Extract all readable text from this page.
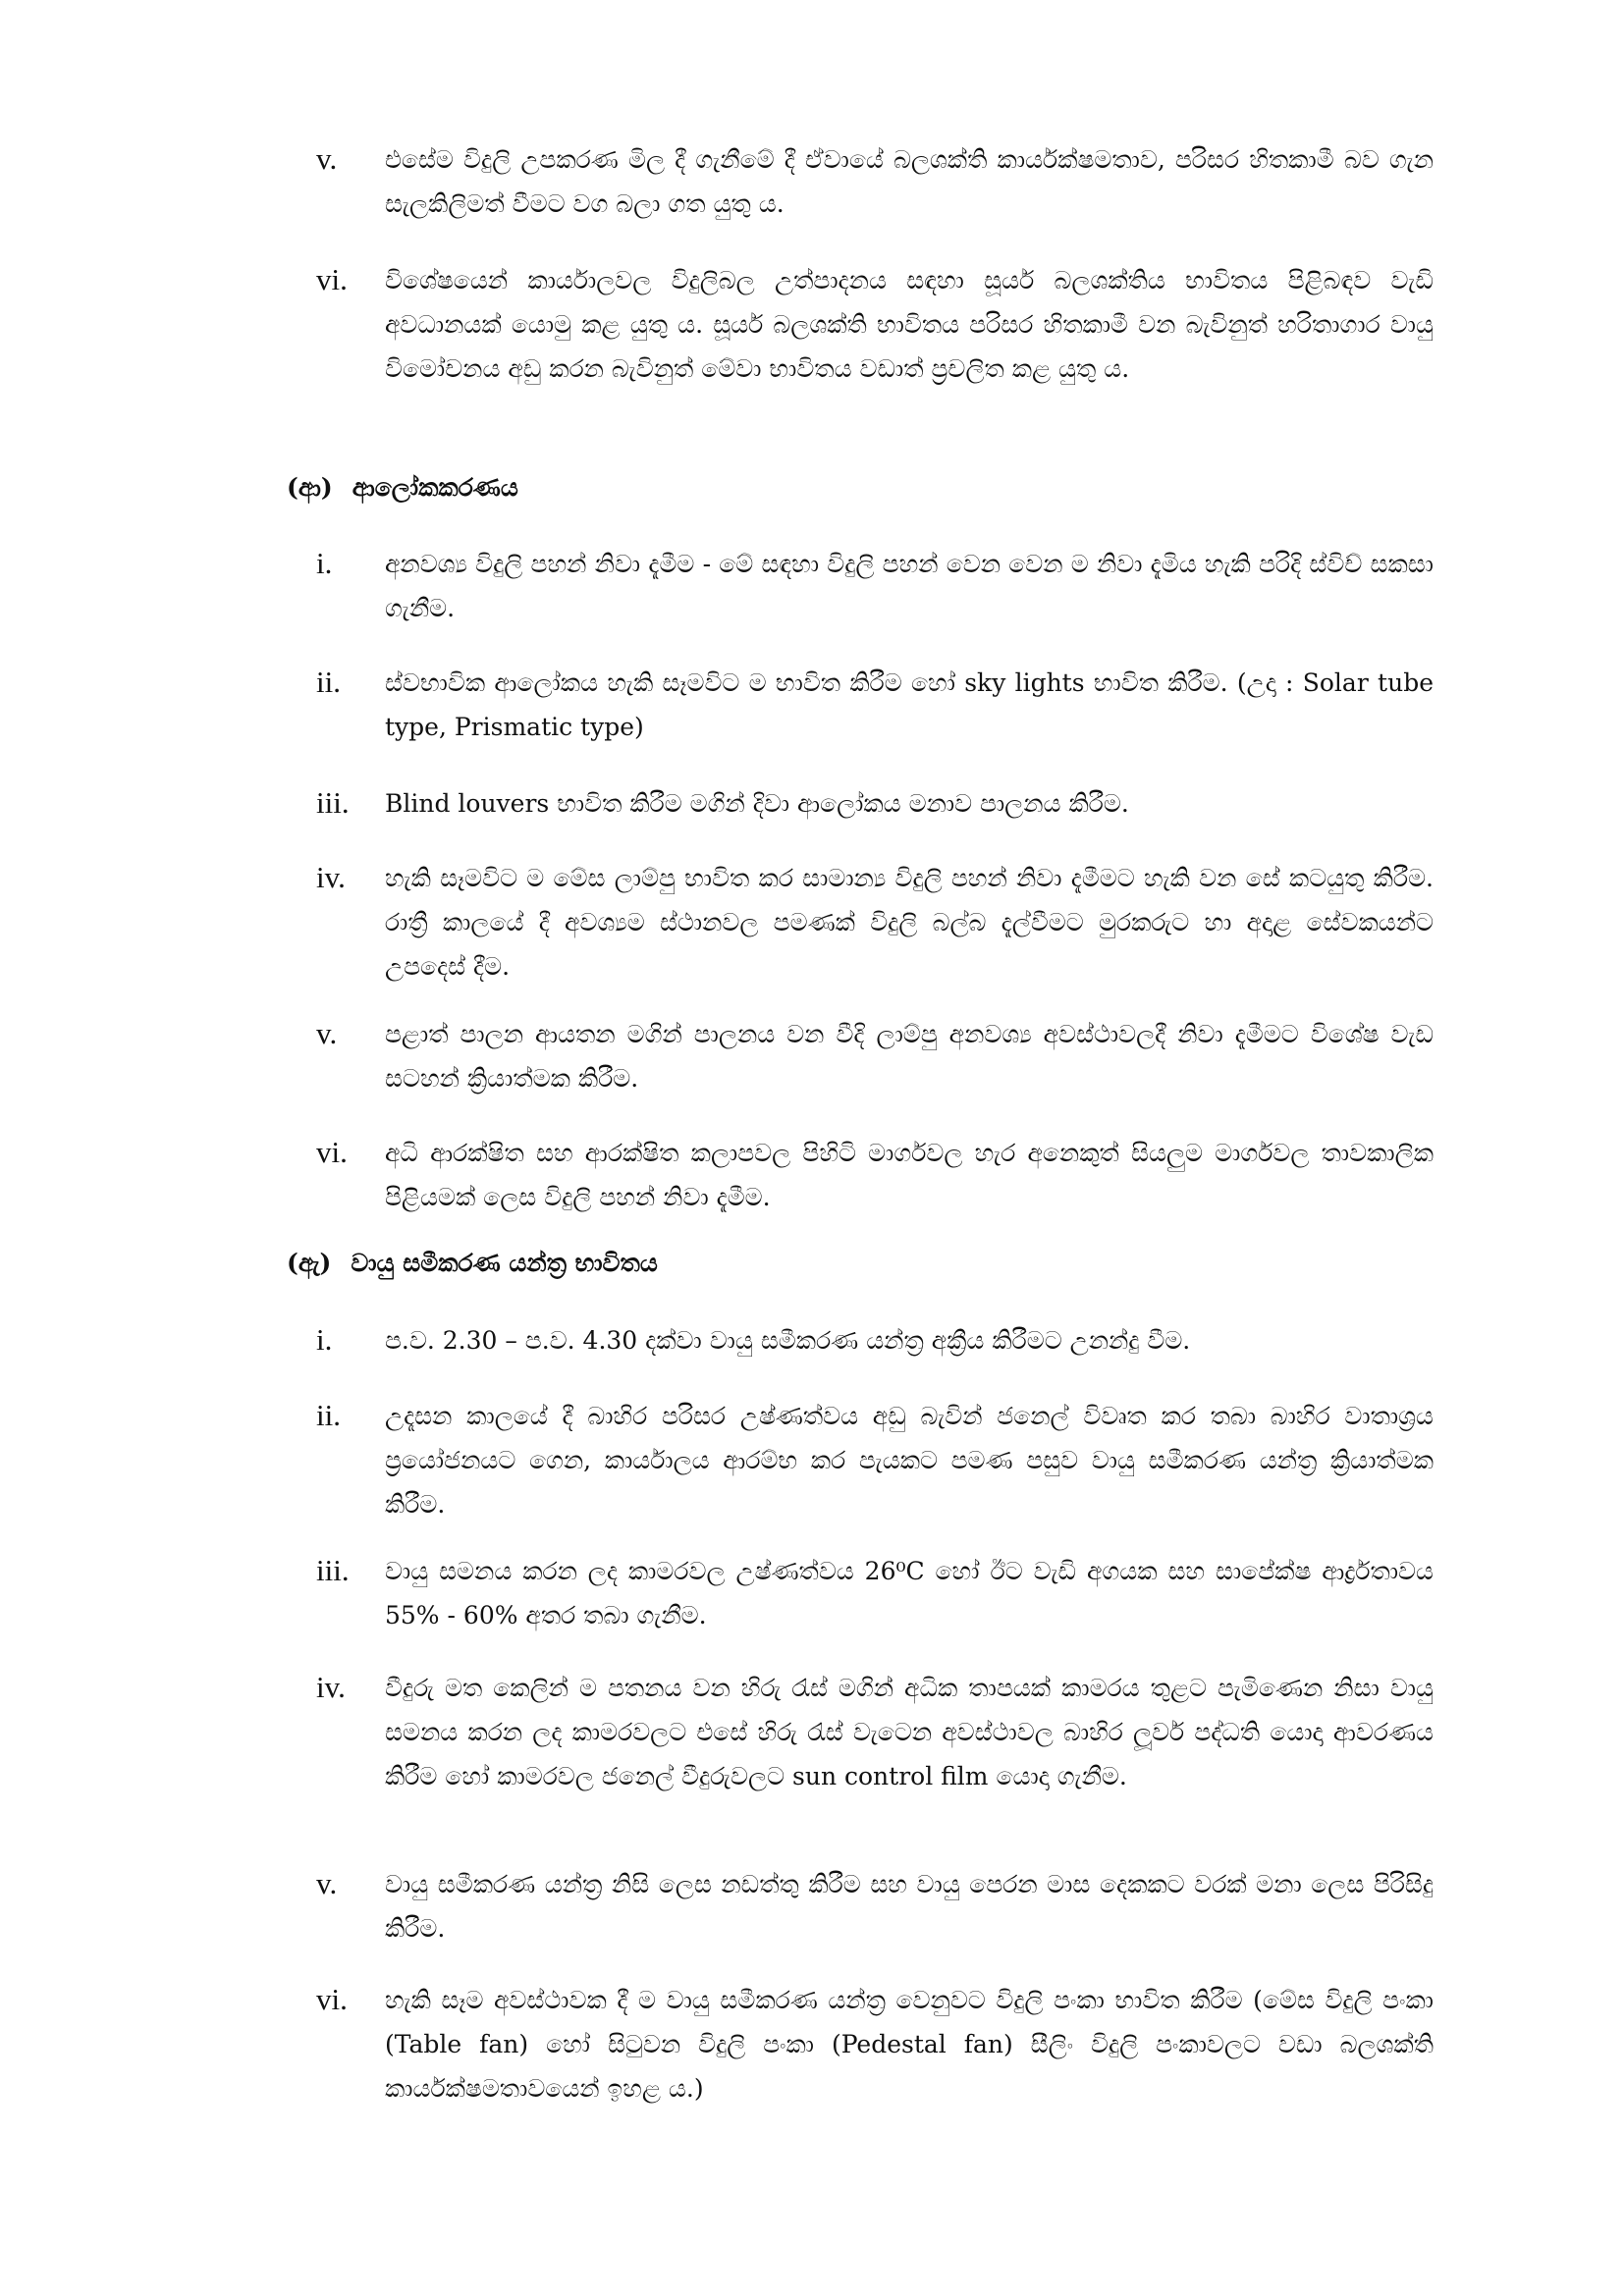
v. එසේම විදුලි උපකරණ මිල දී ගැනීමේ දී ඒවායේ බලශක්ති කාර්යක්ෂමතාව, පරිසර හිතකාමී බව ගැන සැලකිලිමත් වීමට වග බලා ගත යුතු ය.
vi. විශේෂයෙන් කාර්යාලවල විදුලිබල උත්පාදනය සඳහා සූර්ය බලශක්තිය භාවිතය පිළිබඳව වැඩි අවධානයක් යොමු කළ යුතු ය. සූර්ය බලශක්ති භාවිතය පරිසර හිතකාමී වන බැවිනුත් හරිතාගාර වායු විමෝචනය අඩු කරන බැවිනුත් මේවා භාවිතය වඩාත් ප්‍රචලිත කළ යුතු ය.
(ආ) ආලෝකකරණය
i. අනවශ්‍ය විදුලි පහන් නිවා දැමීම - මේ සඳහා විදුලි පහන් වෙන වෙන ම නිවා දැමිය හැකි පරිදි ස්විච් සකසා ගැනීම.
ii. ස්වභාවික ආලෝකය හැකි සෑමවිට ම භාවිත කිරීම හෝ sky lights භාවිත කිරීම. (උදා : Solar tube type, Prismatic type)
iii. Blind louvers භාවිත කිරීම මගින් දිවා ආලෝකය මනාව පාලනය කිරීම.
iv. හැකි සෑමවිට ම මේස ලාම්පු භාවිත කර සාමාන්‍ය විදුලි පහන් නිවා දැමීමට හැකි වන සේ කටයුතු කිරීම. රාත්‍රී කාලයේ දී අවශ්‍යම ස්ථානවල පමණක් විදුලි බල්බ දැල්වීමට මුරකරුට හා අදාළ සේවකයන්ට උපදෙස් දීම.
v. පළාත් පාලන ආයතන මගින් පාලනය වන වීදි ලාම්පු අනවශ්‍ය අවස්ථාවලදී නිවා දැමීමට විශේෂ වැඩ සටහන් ක්‍රියාත්මක කිරීම.
vi. අධි ආරක්ෂිත සහ ආරක්ෂිත කලාපවල පිහිටි මාර්ගවල හැර අනෙකුත් සියලුම මාර්ගවල තාවකාලික පිළියමක් ලෙස විදුලි පහන් නිවා දැමීම.
(ඇ) වායු සමීකරණ යන්ත්‍ර භාවිතය
i. ප.ව. 2.30 – ප.ව. 4.30 දක්වා වායු සමීකරණ යන්ත්‍ර අක්‍රීය කිරීමට උනන්දු වීම.
ii. උදෑසන කාලයේ දී බාහිර පරිසර උෂ්ණත්වය අඩු බැවින් ජනෙල් විවෘත කර තබා බාහිර වාතාශ්‍රය ප්‍රයෝජනයට ගෙන, කාර්යාලය ආරම්භ කර පැයකට පමණ පසුව වායු සමීකරණ යන්ත්‍ර ක්‍රියාත්මක කිරීම.
iii. වායු සමනය කරන ලද කාමරවල උෂ්ණත්වය 26⁰C හෝ ඊට වැඩි අගයක සහ සාපේක්ෂ ආර්ද්‍රතාවය 55% - 60% අතර තබා ගැනීම.
iv. වීදුරු මත කෙලින් ම පතනය වන හිරු රැස් මගින් අධික තාපයක් කාමරය තුළට පැමිණෙන නිසා වායු සමනය කරන ලද කාමරවලට එසේ හිරු රැස් වැටෙන අවස්ථාවල බාහිර ලූවර් පද්ධති යොදා ආවරණය කිරීම හෝ කාමරවල ජනෙල් වීදුරුවලට sun control film යොදා ගැනීම.
v. වායු සමීකරණ යන්ත්‍ර නිසි ලෙස නඩත්තු කිරීම සහ වායු පෙරන මාස දෙකකට වරක් මනා ලෙස පිරිසිදු කිරීම.
vi. හැකි සෑම අවස්ථාවක දී ම වායු සමීකරණ යන්ත්‍ර වෙනුවට විදුලි පංකා භාවිත කිරීම (මේස විදුලි පංකා (Table fan) හෝ සිටුවන විදුලි පංකා (Pedestal fan) සීලිං විදුලි පංකාවලට වඩා බලශක්ති කාර්යක්ෂමතාවයෙන් ඉහළ ය.)
